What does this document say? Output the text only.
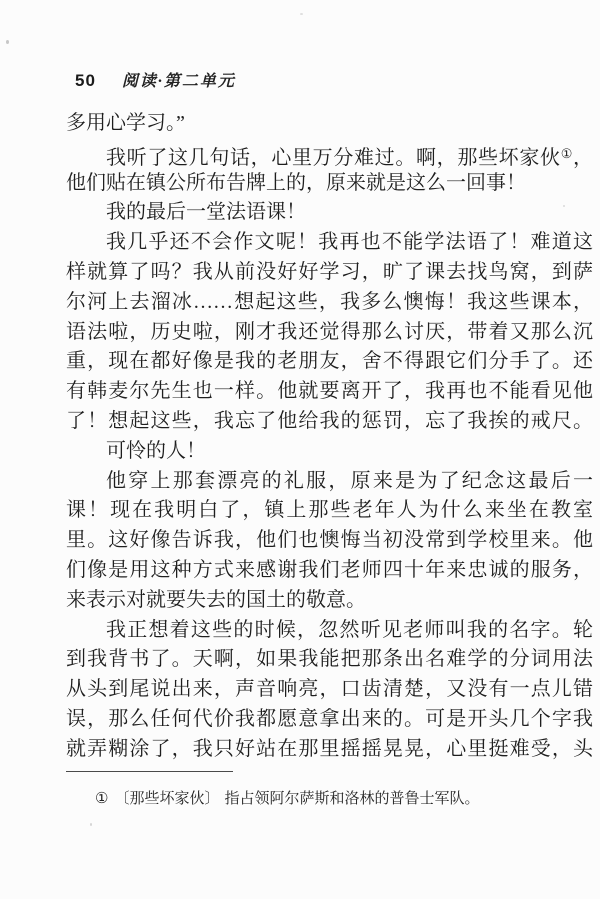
50 阅读·第二单元
多用心学习。”
我听了这几句话，心里万分难过。啊，那些坏家伙①，
他们贴在镇公所布告牌上的，原来就是这么一回事！
我的最后一堂法语课！
我几乎还不会作文呢！我再也不能学法语了！难道这
样就算了吗？我从前没好好学习，旷了课去找鸟窝，到萨
尔河上去溜冰……想起这些，我多么懊悔！我这些课本，
语法啦，历史啦，刚才我还觉得那么讨厌，带着又那么沉
重，现在都好像是我的老朋友，舍不得跟它们分手了。还
有韩麦尔先生也一样。他就要离开了，我再也不能看见他
了！想起这些，我忘了他给我的惩罚，忘了我挨的戒尺。
可怜的人！
他穿上那套漂亮的礼服，原来是为了纪念这最后一
课！现在我明白了，镇上那些老年人为什么来坐在教室
里。这好像告诉我，他们也懊悔当初没常到学校里来。他
们像是用这种方式来感谢我们老师四十年来忠诚的服务，
来表示对就要失去的国土的敬意。
我正想着这些的时候，忽然听见老师叫我的名字。轮
到我背书了。天啊，如果我能把那条出名难学的分词用法
从头到尾说出来，声音响亮，口齿清楚，又没有一点儿错
误，那么任何代价我都愿意拿出来的。可是开头几个字我
就弄糊涂了，我只好站在那里摇摇晃晃，心里挺难受，头
① 〔那些坏家伙〕 指占领阿尔萨斯和洛林的普鲁士军队。
